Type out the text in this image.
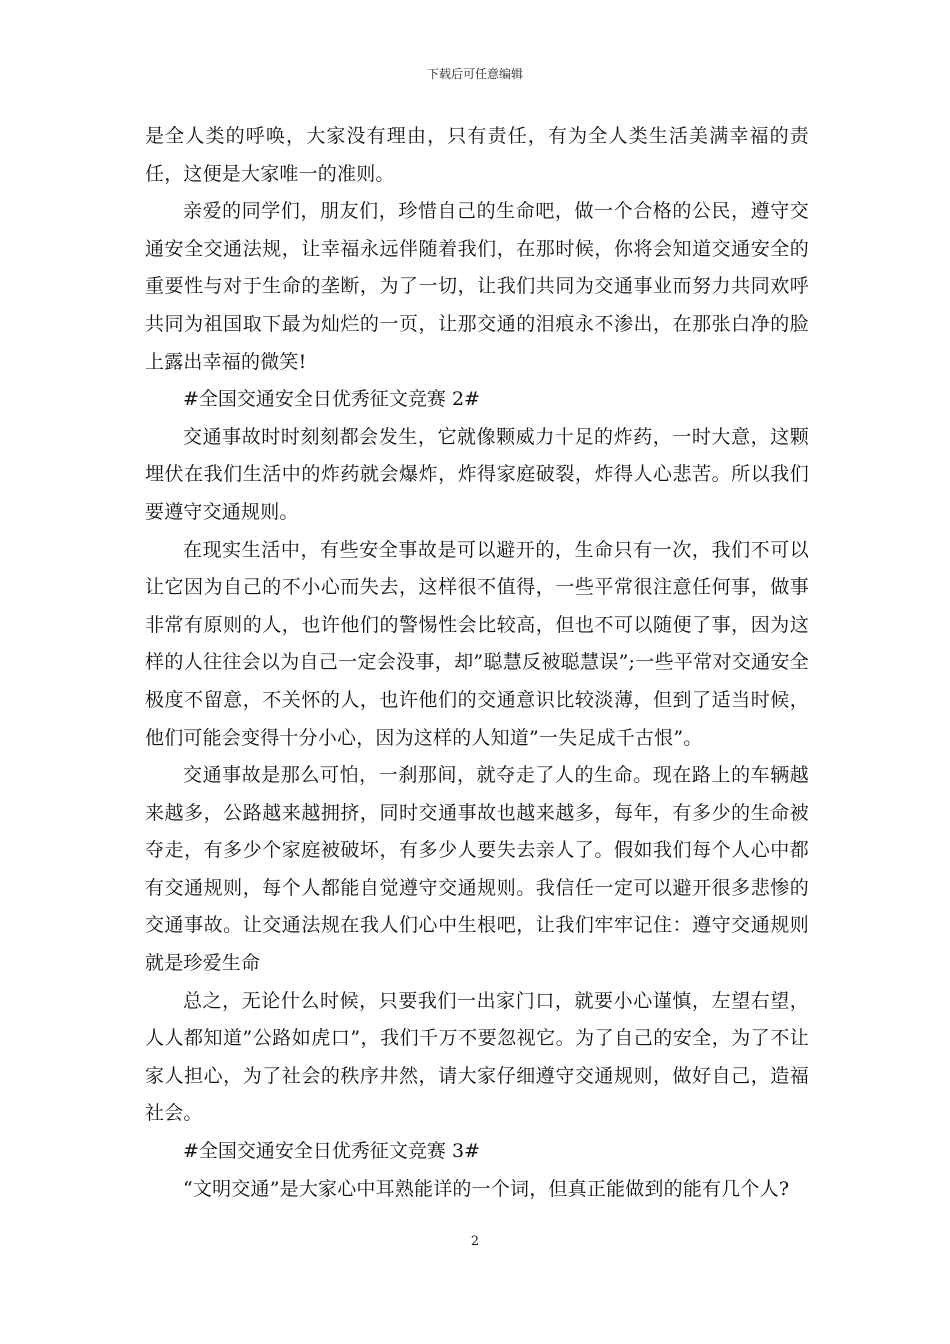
下载后可任意编辑

是全人类的呼唤，大家没有理由，只有责任，有为全人类生活美满幸福的责任，这便是大家唯一的准则。

亲爱的同学们，朋友们，珍惜自己的生命吧，做一个合格的公民，遵守交通安全交通法规，让幸福永远伴随着我们，在那时候，你将会知道交通安全的重要性与对于生命的垄断，为了一切，让我们共同为交通事业而努力共同欢呼共同为祖国取下最为灿烂的一页，让那交通的泪痕永不渗出，在那张白净的脸上露出幸福的微笑!

#全国交通安全日优秀征文竞赛 2#

交通事故时时刻刻都会发生，它就像颗威力十足的炸药，一时大意，这颗埋伏在我们生活中的炸药就会爆炸，炸得家庭破裂，炸得人心悲苦。所以我们要遵守交通规则。

在现实生活中，有些安全事故是可以避开的，生命只有一次，我们不可以让它因为自己的不小心而失去，这样很不值得，一些平常很注意任何事，做事非常有原则的人，也许他们的警惕性会比较高，但也不可以随便了事，因为这样的人往往会以为自己一定会没事，却”聪慧反被聪慧误”;一些平常对交通安全极度不留意，不关怀的人，也许他们的交通意识比较淡薄，但到了适当时候，他们可能会变得十分小心，因为这样的人知道”一失足成千古恨”。

交通事故是那么可怕，一刹那间，就夺走了人的生命。现在路上的车辆越来越多，公路越来越拥挤，同时交通事故也越来越多，每年，有多少的生命被夺走，有多少个家庭被破坏，有多少人要失去亲人了。假如我们每个人心中都有交通规则，每个人都能自觉遵守交通规则。我信任一定可以避开很多悲惨的交通事故。让交通法规在我人们心中生根吧，让我们牢牢记住：遵守交通规则就是珍爱生命

总之，无论什么时候，只要我们一出家门口，就要小心谨慎，左望右望，人人都知道”公路如虎口”，我们千万不要忽视它。为了自己的安全，为了不让家人担心，为了社会的秩序井然，请大家仔细遵守交通规则，做好自己，造福社会。

#全国交通安全日优秀征文竞赛 3#

“文明交通”是大家心中耳熟能详的一个词，但真正能做到的能有几个人?

2
